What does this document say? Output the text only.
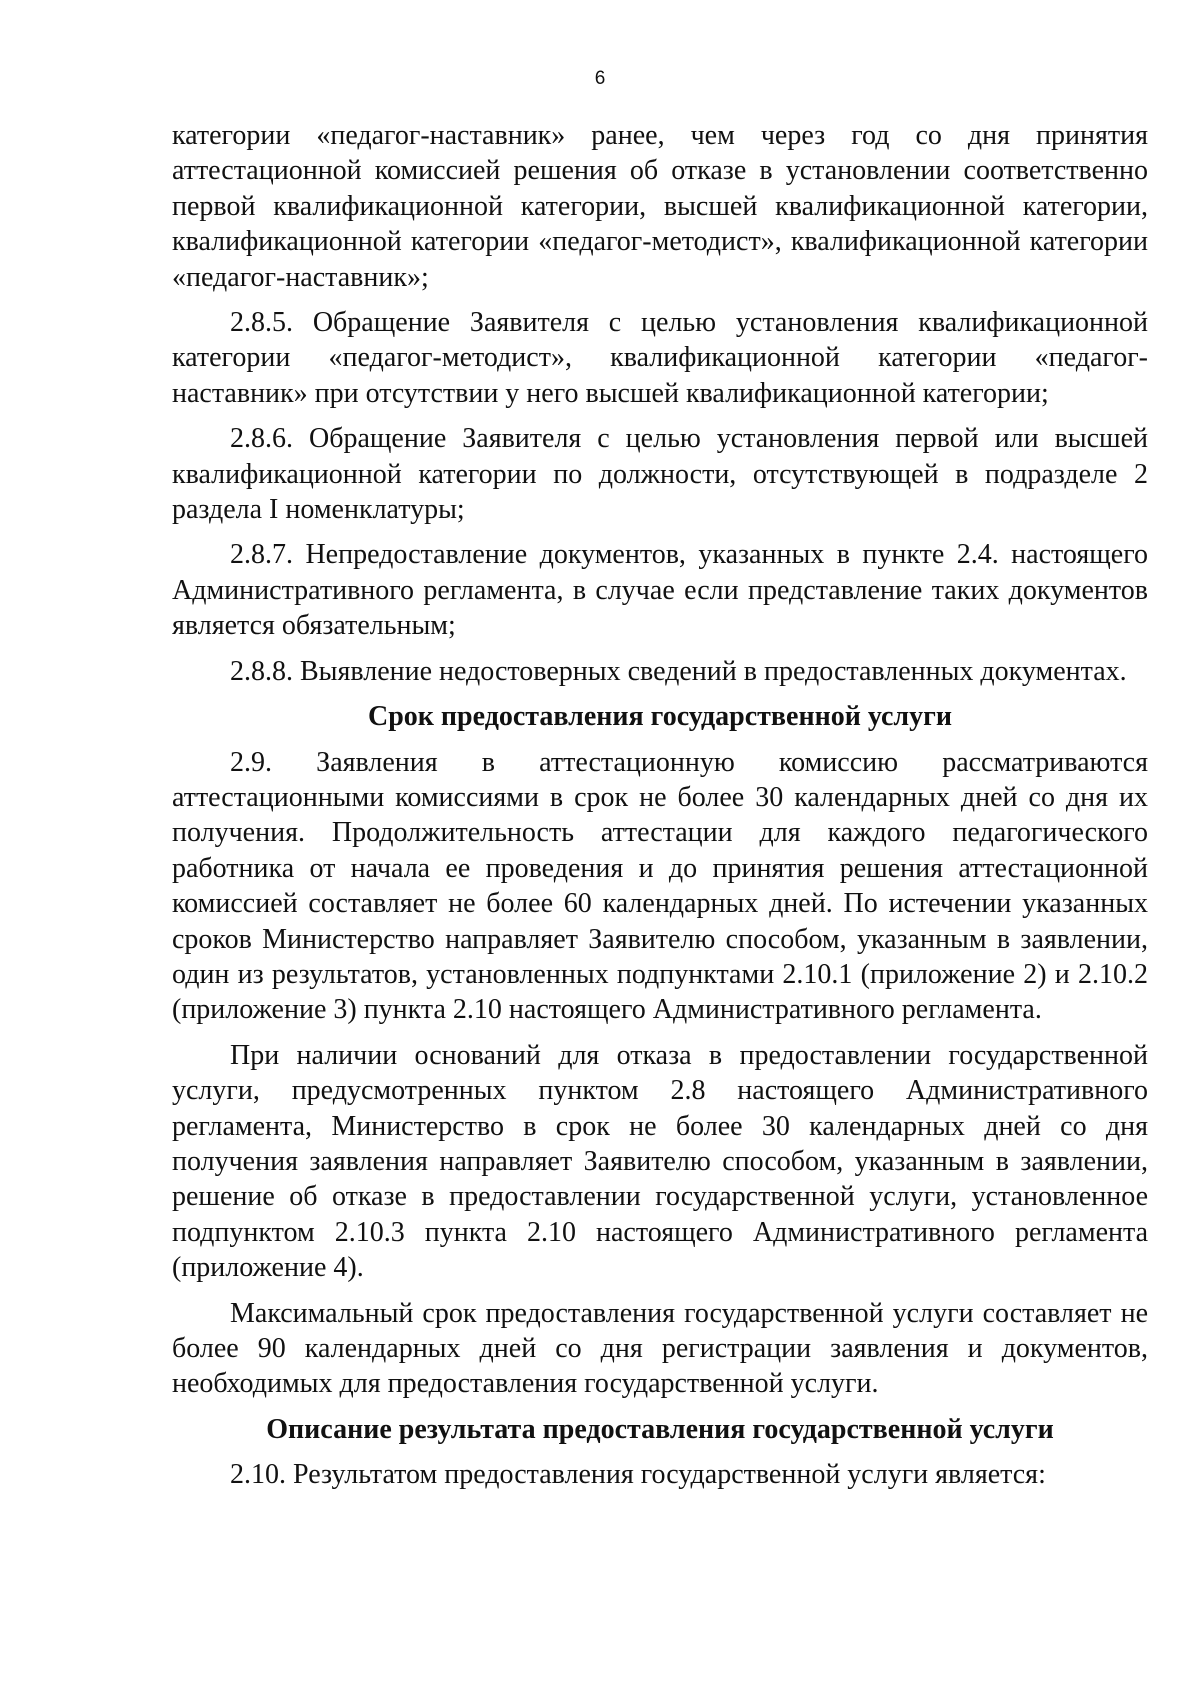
6

категории «педагог-наставник» ранее, чем через год со дня принятия аттестационной комиссией решения об отказе в установлении соответственно первой квалификационной категории, высшей квалификационной категории, квалификационной категории «педагог-методист», квалификационной категории «педагог-наставник»;

2.8.5. Обращение Заявителя с целью установления квалификационной категории «педагог-методист», квалификационной категории «педагог-наставник» при отсутствии у него высшей квалификационной категории;

2.8.6. Обращение Заявителя с целью установления первой или высшей квалификационной категории по должности, отсутствующей в подразделе 2 раздела I номенклатуры;

2.8.7. Непредоставление документов, указанных в пункте 2.4. настоящего Административного регламента, в случае если представление таких документов является обязательным;

2.8.8. Выявление недостоверных сведений в предоставленных документах.

Срок предоставления государственной услуги

2.9. Заявления в аттестационную комиссию рассматриваются аттестационными комиссиями в срок не более 30 календарных дней со дня их получения. Продолжительность аттестации для каждого педагогического работника от начала ее проведения и до принятия решения аттестационной комиссией составляет не более 60 календарных дней. По истечении указанных сроков Министерство направляет Заявителю способом, указанным в заявлении, один из результатов, установленных подпунктами 2.10.1 (приложение 2) и 2.10.2 (приложение 3) пункта 2.10 настоящего Административного регламента.

При наличии оснований для отказа в предоставлении государственной услуги, предусмотренных пунктом 2.8 настоящего Административного регламента, Министерство в срок не более 30 календарных дней со дня получения заявления направляет Заявителю способом, указанным в заявлении, решение об отказе в предоставлении государственной услуги, установленное подпунктом 2.10.3 пункта 2.10 настоящего Административного регламента (приложение 4).

Максимальный срок предоставления государственной услуги составляет не более 90 календарных дней со дня регистрации заявления и документов, необходимых для предоставления государственной услуги.

Описание результата предоставления государственной услуги

2.10. Результатом предоставления государственной услуги является:
